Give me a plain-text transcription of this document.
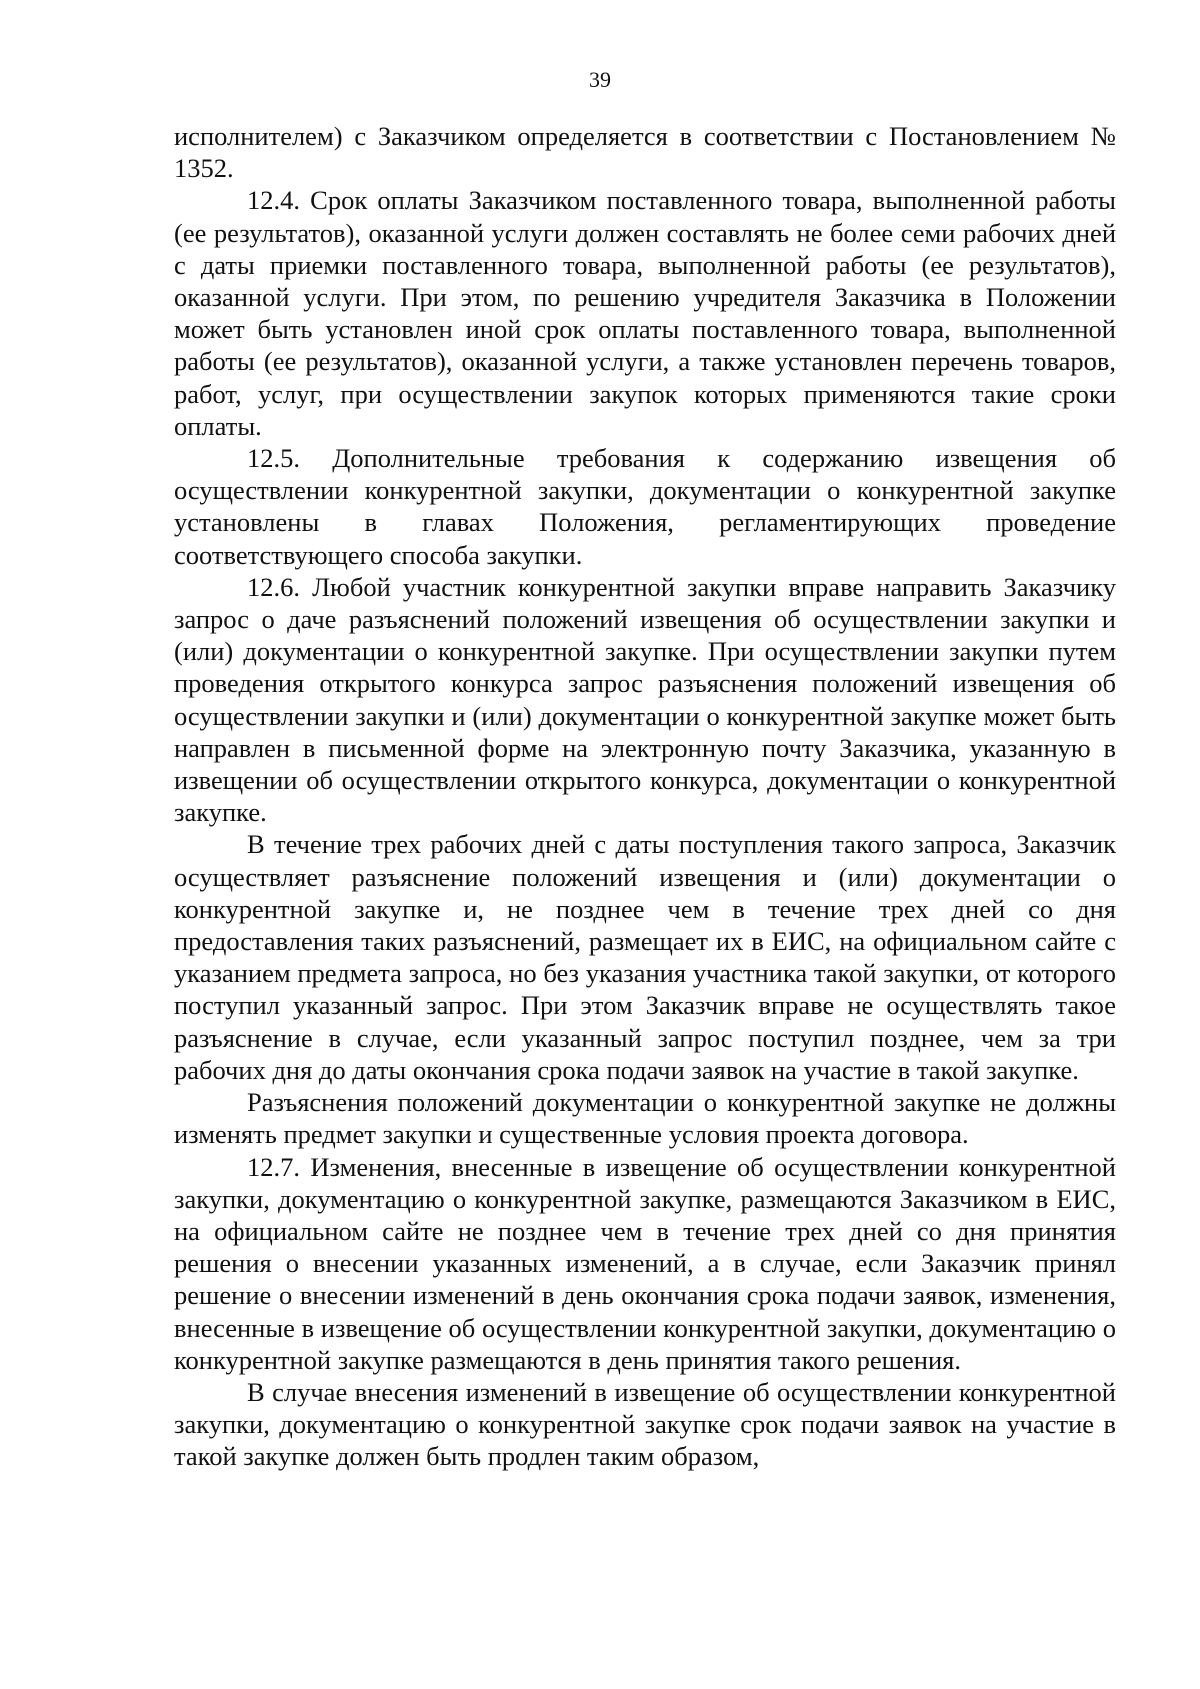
39

исполнителем) с Заказчиком определяется в соответствии с Постановлением № 1352.

12.4. Срок оплаты Заказчиком поставленного товара, выполненной работы (ее результатов), оказанной услуги должен составлять не более семи рабочих дней с даты приемки поставленного товара, выполненной работы (ее результатов), оказанной услуги. При этом, по решению учредителя Заказчика в Положении может быть установлен иной срок оплаты поставленного товара, выполненной работы (ее результатов), оказанной услуги, а также установлен перечень товаров, работ, услуг, при осуществлении закупок которых применяются такие сроки оплаты.

12.5. Дополнительные требования к содержанию извещения об осуществлении конкурентной закупки, документации о конкурентной закупке установлены в главах Положения, регламентирующих проведение соответствующего способа закупки.

12.6. Любой участник конкурентной закупки вправе направить Заказчику запрос о даче разъяснений положений извещения об осуществлении закупки и (или) документации о конкурентной закупке. При осуществлении закупки путем проведения открытого конкурса запрос разъяснения положений извещения об осуществлении закупки и (или) документации о конкурентной закупке может быть направлен в письменной форме на электронную почту Заказчика, указанную в извещении об осуществлении открытого конкурса, документации о конкурентной закупке.

В течение трех рабочих дней с даты поступления такого запроса, Заказчик осуществляет разъяснение положений извещения и (или) документации о конкурентной закупке и, не позднее чем в течение трех дней со дня предоставления таких разъяснений, размещает их в ЕИС, на официальном сайте с указанием предмета запроса, но без указания участника такой закупки, от которого поступил указанный запрос. При этом Заказчик вправе не осуществлять такое разъяснение в случае, если указанный запрос поступил позднее, чем за три рабочих дня до даты окончания срока подачи заявок на участие в такой закупке.

Разъяснения положений документации о конкурентной закупке не должны изменять предмет закупки и существенные условия проекта договора.

12.7. Изменения, внесенные в извещение об осуществлении конкурентной закупки, документацию о конкурентной закупке, размещаются Заказчиком в ЕИС, на официальном сайте не позднее чем в течение трех дней со дня принятия решения о внесении указанных изменений, а в случае, если Заказчик принял решение о внесении изменений в день окончания срока подачи заявок, изменения, внесенные в извещение об осуществлении конкурентной закупки, документацию о конкурентной закупке размещаются в день принятия такого решения.

В случае внесения изменений в извещение об осуществлении конкурентной закупки, документацию о конкурентной закупке срок подачи заявок на участие в такой закупке должен быть продлен таким образом,
